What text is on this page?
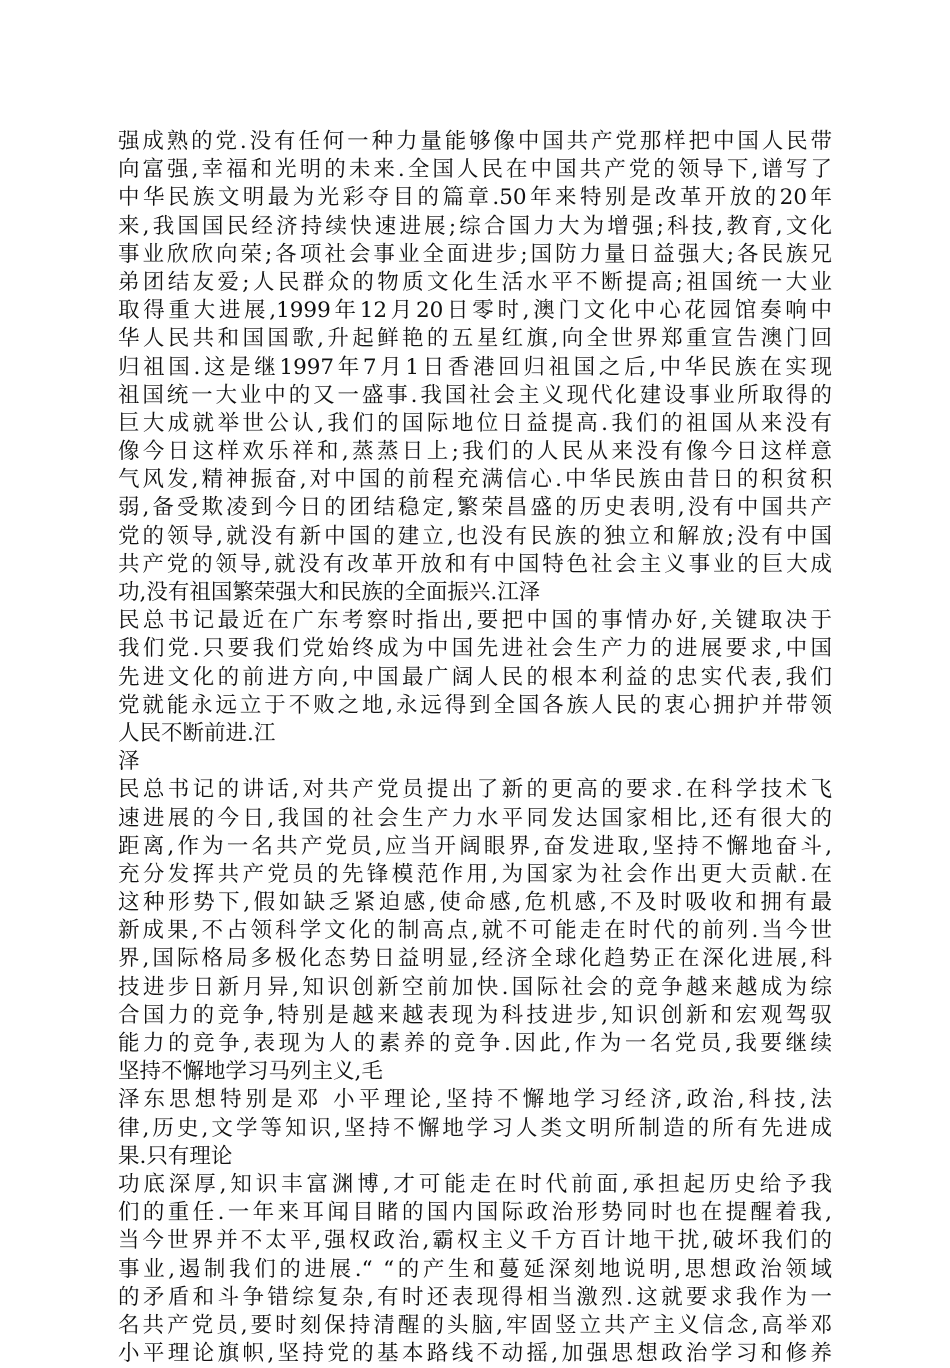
强成熟的党.没有任何一种力量能够像中国共产党那样把中国人民带
向富强,幸福和光明的未来.全国人民在中国共产党的领导下,谱写了
中华民族文明最为光彩夺目的篇章.50年来特别是改革开放的20年
来,我国国民经济持续快速进展;综合国力大为增强;科技,教育,文化
事业欣欣向荣;各项社会事业全面进步;国防力量日益强大;各民族兄
弟团结友爱;人民群众的物质文化生活水平不断提高;祖国统一大业
取得重大进展,1999年12月20日零时,澳门文化中心花园馆奏响中
华人民共和国国歌,升起鲜艳的五星红旗,向全世界郑重宣告澳门回
归祖国.这是继1997年7月1日香港回归祖国之后,中华民族在实现
祖国统一大业中的又一盛事.我国社会主义现代化建设事业所取得的
巨大成就举世公认,我们的国际地位日益提高.我们的祖国从来没有
像今日这样欢乐祥和,蒸蒸日上;我们的人民从来没有像今日这样意
气风发,精神振奋,对中国的前程充满信心.中华民族由昔日的积贫积
弱,备受欺凌到今日的团结稳定,繁荣昌盛的历史表明,没有中国共产
党的领导,就没有新中国的建立,也没有民族的独立和解放;没有中国
共产党的领导,就没有改革开放和有中国特色社会主义事业的巨大成
功,没有祖国繁荣强大和民族的全面振兴.江泽
民总书记最近在广东考察时指出,要把中国的事情办好,关键取决于
我们党.只要我们党始终成为中国先进社会生产力的进展要求,中国
先进文化的前进方向,中国最广阔人民的根本利益的忠实代表,我们
党就能永远立于不败之地,永远得到全国各族人民的衷心拥护并带领
人民不断前进.江
泽
民总书记的讲话,对共产党员提出了新的更高的要求.在科学技术飞
速进展的今日,我国的社会生产力水平同发达国家相比,还有很大的
距离,作为一名共产党员,应当开阔眼界,奋发进取,坚持不懈地奋斗,
充分发挥共产党员的先锋模范作用,为国家为社会作出更大贡献.在
这种形势下,假如缺乏紧迫感,使命感,危机感,不及时吸收和拥有最
新成果,不占领科学文化的制高点,就不可能走在时代的前列.当今世
界,国际格局多极化态势日益明显,经济全球化趋势正在深化进展,科
技进步日新月异,知识创新空前加快.国际社会的竞争越来越成为综
合国力的竞争,特别是越来越表现为科技进步,知识创新和宏观驾驭
能力的竞争,表现为人的素养的竞争.因此,作为一名党员,我要继续
坚持不懈地学习马列主义,毛
泽东思想特别是邓 小平理论,坚持不懈地学习经济,政治,科技,法
律,历史,文学等知识,坚持不懈地学习人类文明所制造的所有先进成
果.只有理论
功底深厚,知识丰富渊博,才可能走在时代前面,承担起历史给予我
们的重任.一年来耳闻目睹的国内国际政治形势同时也在提醒着我,
当今世界并不太平,强权政治,霸权主义千方百计地干扰,破坏我们的
事业,遏制我们的进展.“ “的产生和蔓延深刻地说明,思想政治领域
的矛盾和斗争错综复杂,有时还表现得相当激烈.这就要求我作为一
名共产党员,要时刻保持清醒的头脑,牢固竖立共产主义信念,高举邓
小平理论旗帜,坚持党的基本路线不动摇,加强思想政治学习和修养
